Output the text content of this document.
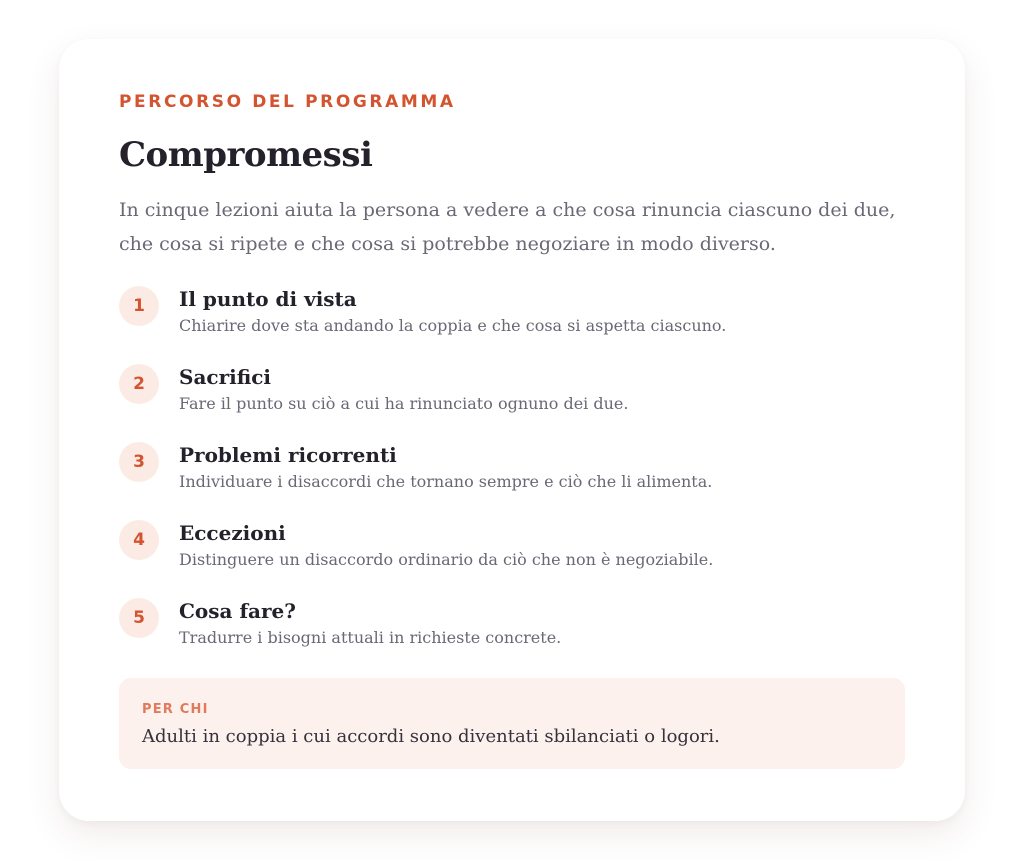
PERCORSO DEL PROGRAMMA

Compromessi

In cinque lezioni aiuta la persona a vedere a che cosa rinuncia ciascuno dei due, che cosa si ripete e che cosa si potrebbe negoziare in modo diverso.

1	Il punto di vista
Chiarire dove sta andando la coppia e che cosa si aspetta ciascuno.
2	Sacrifici
Fare il punto su ciò a cui ha rinunciato ognuno dei due.
3	Problemi ricorrenti
Individuare i disaccordi che tornano sempre e ciò che li alimenta.
4	Eccezioni
Distinguere un disaccordo ordinario da ciò che non è negoziabile.
5	Cosa fare?
Tradurre i bisogni attuali in richieste concrete.
PER CHI
Adulti in coppia i cui accordi sono diventati sbilanciati o logori.
